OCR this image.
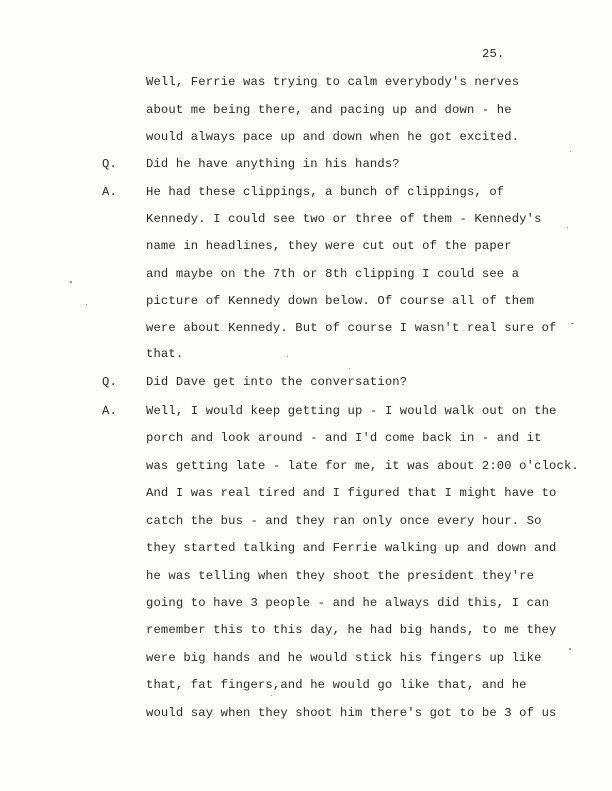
25.
Well, Ferrie was trying to calm everybody's nerves
about me being there, and pacing up and down - he
would always pace up and down when he got excited.
Q. Did he have anything in his hands?
A. He had these clippings, a bunch of clippings, of
Kennedy. I could see two or three of them - Kennedy's
name in headlines, they were cut out of the paper
and maybe on the 7th or 8th clipping I could see a
picture of Kennedy down below. Of course all of them
were about Kennedy. But of course I wasn't real sure of
that.
Q. Did Dave get into the conversation?
A. Well, I would keep getting up - I would walk out on the
porch and look around - and I'd come back in - and it
was getting late - late for me, it was about 2:00 o'clock.
And I was real tired and I figured that I might have to
catch the bus - and they ran only once every hour. So
they started talking and Ferrie walking up and down and
he was telling when they shoot the president they're
going to have 3 people - and he always did this, I can
remember this to this day, he had big hands, to me they
were big hands and he would stick his fingers up like
that, fat fingers,and he would go like that, and he
would say when they shoot him there's got to be 3 of us
